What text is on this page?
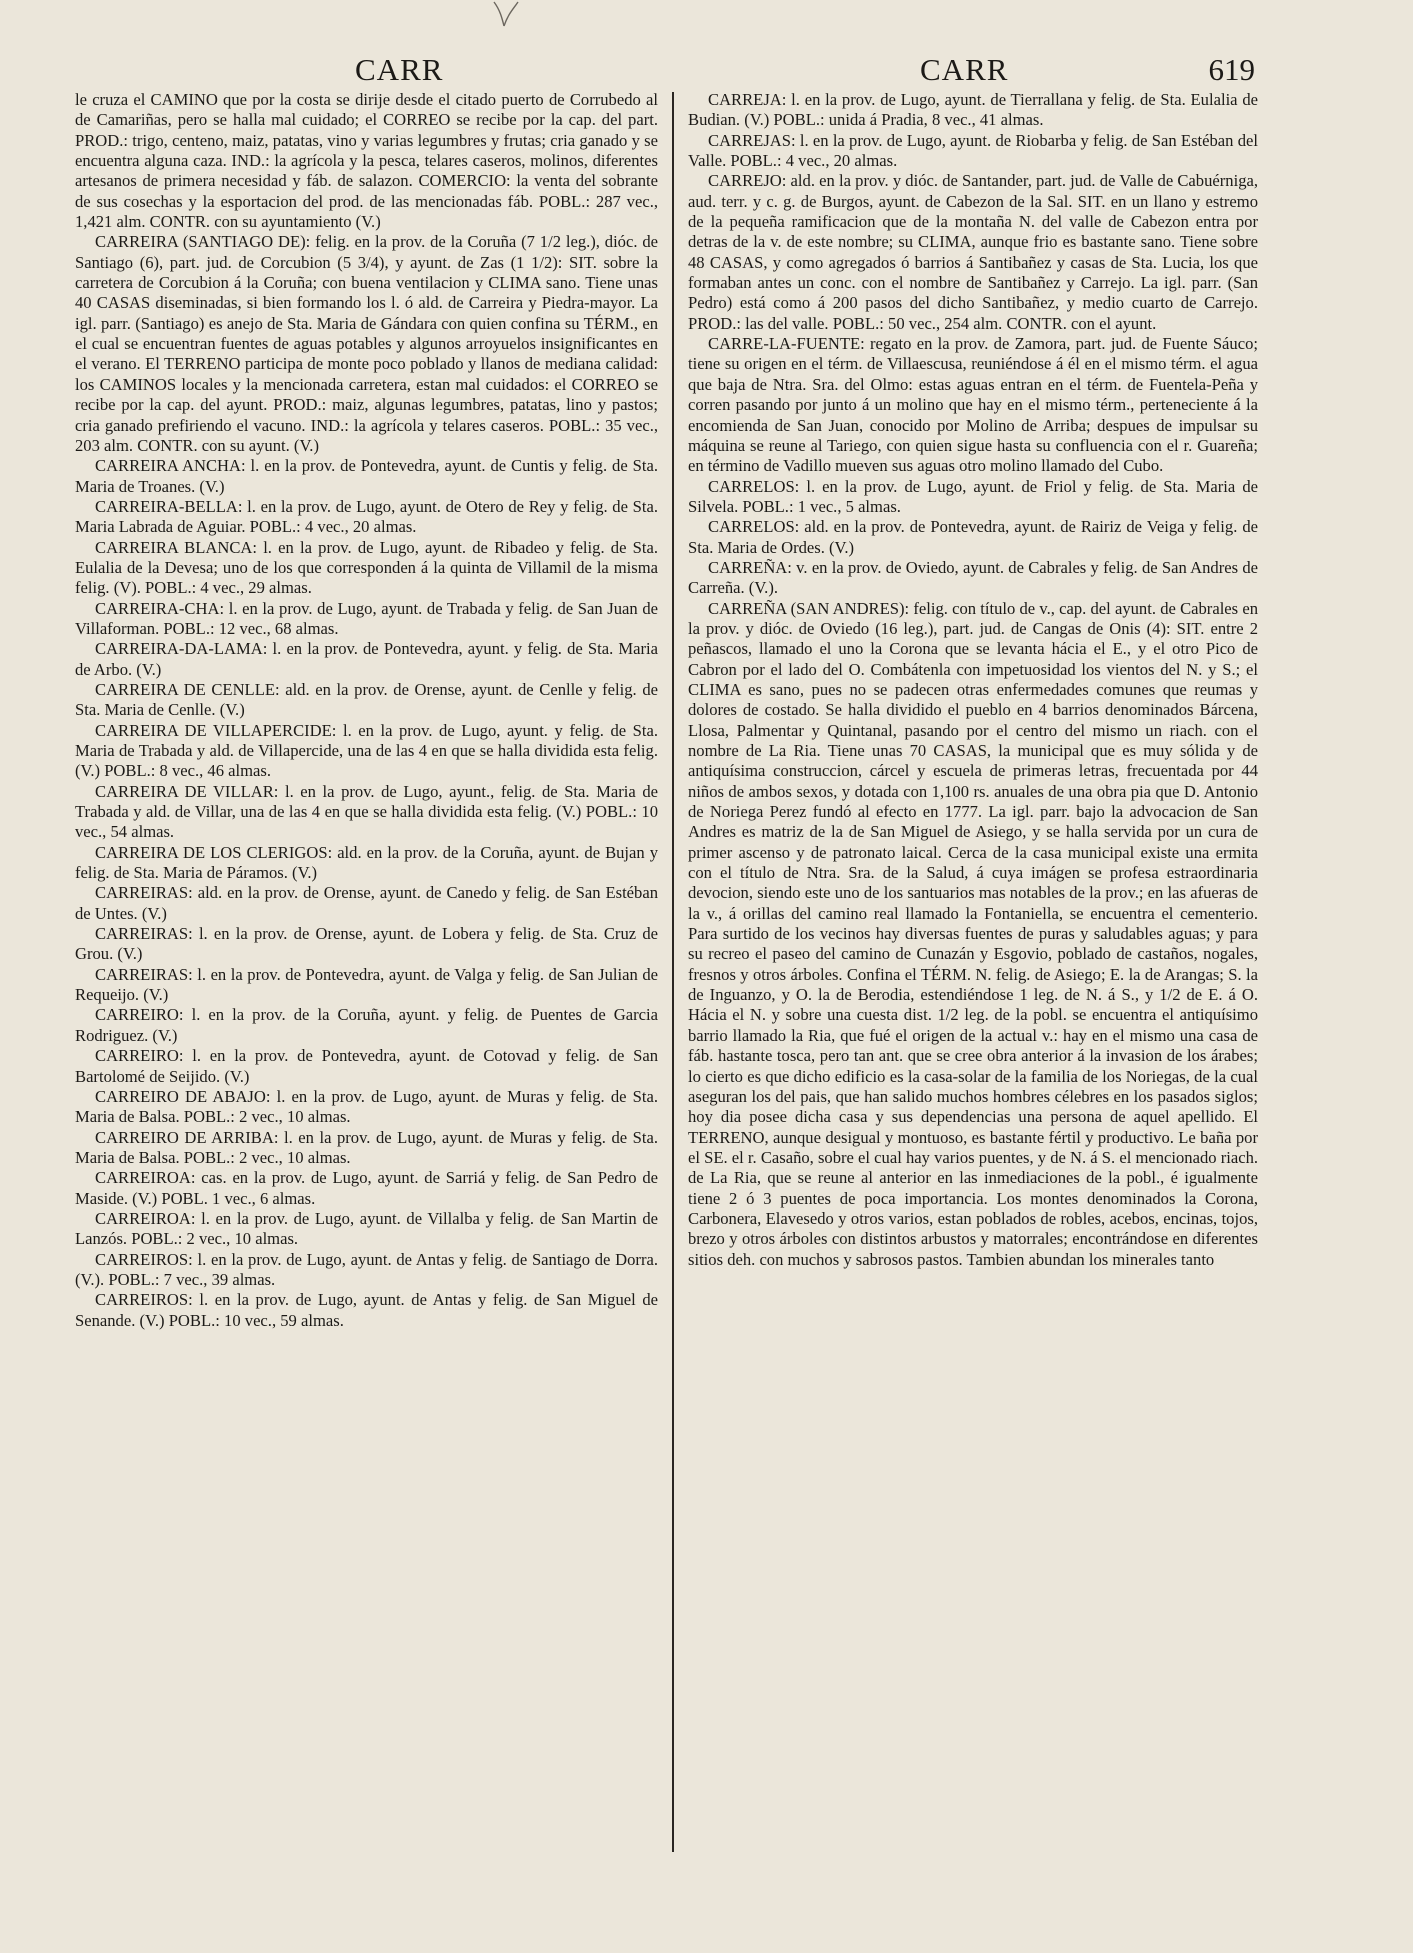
CARR	CARR	619

le cruza el CAMINO que por la costa se dirije desde el citado puerto de Corrubedo al de Camariñas, pero se halla mal cuidado; el CORREO se recibe por la cap. del part. PROD.: trigo, centeno, maiz, patatas, vino y varias legumbres y frutas; cria ganado y se encuentra alguna caza. IND.: la agrícola y la pesca, telares caseros, molinos, diferentes artesanos de primera necesidad y fáb. de salazon. COMERCIO: la venta del sobrante de sus cosechas y la esportacion del prod. de las mencionadas fáb. POBL.: 287 vec., 1,421 alm. CONTR. con su ayuntamiento (V.)

CARREIRA (SANTIAGO DE): felig. en la prov. de la Coruña (7 1/2 leg.), dióc. de Santiago (6), part. jud. de Corcubion (5 3/4), y ayunt. de Zas (1 1/2): SIT. sobre la carretera de Corcubion á la Coruña; con buena ventilacion y CLIMA sano. Tiene unas 40 CASAS diseminadas, si bien formando los l. ó ald. de Carreira y Piedra-mayor. La igl. parr. (Santiago) es anejo de Sta. Maria de Gándara con quien confina su TÉRM., en el cual se encuentran fuentes de aguas potables y algunos arroyuelos insignificantes en el verano. El TERRENO participa de monte poco poblado y llanos de mediana calidad: los CAMINOS locales y la mencionada carretera, estan mal cuidados: el CORREO se recibe por la cap. del ayunt. PROD.: maiz, algunas legumbres, patatas, lino y pastos; cria ganado prefiriendo el vacuno. IND.: la agrícola y telares caseros. POBL.: 35 vec., 203 alm. CONTR. con su ayunt. (V.)

CARREIRA ANCHA: l. en la prov. de Pontevedra, ayunt. de Cuntis y felig. de Sta. Maria de Troanes. (V.)

CARREIRA-BELLA: l. en la prov. de Lugo, ayunt. de Otero de Rey y felig. de Sta. Maria Labrada de Aguiar. POBL.: 4 vec., 20 almas.

CARREIRA BLANCA: l. en la prov. de Lugo, ayunt. de Ribadeo y felig. de Sta. Eulalia de la Devesa; uno de los que corresponden á la quinta de Villamil de la misma felig. (V). POBL.: 4 vec., 29 almas.

CARREIRA-CHA: l. en la prov. de Lugo, ayunt. de Trabada y felig. de San Juan de Villaforman. POBL.: 12 vec., 68 almas.

CARREIRA-DA-LAMA: l. en la prov. de Pontevedra, ayunt. y felig. de Sta. Maria de Arbo. (V.)

CARREIRA DE CENLLE: ald. en la prov. de Orense, ayunt. de Cenlle y felig. de Sta. Maria de Cenlle. (V.)

CARREIRA DE VILLAPERCIDE: l. en la prov. de Lugo, ayunt. y felig. de Sta. Maria de Trabada y ald. de Villapercide, una de las 4 en que se halla dividida esta felig. (V.) POBL.: 8 vec., 46 almas.

CARREIRA DE VILLAR: l. en la prov. de Lugo, ayunt., felig. de Sta. Maria de Trabada y ald. de Villar, una de las 4 en que se halla dividida esta felig. (V.) POBL.: 10 vec., 54 almas.

CARREIRA DE LOS CLERIGOS: ald. en la prov. de la Coruña, ayunt. de Bujan y felig. de Sta. Maria de Páramos. (V.)

CARREIRAS: ald. en la prov. de Orense, ayunt. de Canedo y felig. de San Estéban de Untes. (V.)

CARREIRAS: l. en la prov. de Orense, ayunt. de Lobera y felig. de Sta. Cruz de Grou. (V.)

CARREIRAS: l. en la prov. de Pontevedra, ayunt. de Valga y felig. de San Julian de Requeijo. (V.)

CARREIRO: l. en la prov. de la Coruña, ayunt. y felig. de Puentes de Garcia Rodriguez. (V.)

CARREIRO: l. en la prov. de Pontevedra, ayunt. de Cotovad y felig. de San Bartolomé de Seijido. (V.)

CARREIRO DE ABAJO: l. en la prov. de Lugo, ayunt. de Muras y felig. de Sta. Maria de Balsa. POBL.: 2 vec., 10 almas.

CARREIRO DE ARRIBA: l. en la prov. de Lugo, ayunt. de Muras y felig. de Sta. Maria de Balsa. POBL.: 2 vec., 10 almas.

CARREIROA: cas. en la prov. de Lugo, ayunt. de Sarriá y felig. de San Pedro de Maside. (V.) POBL. 1 vec., 6 almas.

CARREIROA: l. en la prov. de Lugo, ayunt. de Villalba y felig. de San Martin de Lanzós. POBL.: 2 vec., 10 almas.

CARREIROS: l. en la prov. de Lugo, ayunt. de Antas y felig. de Santiago de Dorra. (V.). POBL.: 7 vec., 39 almas.

CARREIROS: l. en la prov. de Lugo, ayunt. de Antas y felig. de San Miguel de Senande. (V.) POBL.: 10 vec., 59 almas.

CARREJA: l. en la prov. de Lugo, ayunt. de Tierrallana y felig. de Sta. Eulalia de Budian. (V.) POBL.: unida á Pradia, 8 vec., 41 almas.

CARREJAS: l. en la prov. de Lugo, ayunt. de Riobarba y felig. de San Estéban del Valle. POBL.: 4 vec., 20 almas.

CARREJO: ald. en la prov. y dióc. de Santander, part. jud. de Valle de Cabuérniga, aud. terr. y c. g. de Burgos, ayunt. de Cabezon de la Sal. SIT. en un llano y estremo de la pequeña ramificacion que de la montaña N. del valle de Cabezon entra por detras de la v. de este nombre; su CLIMA, aunque frio es bastante sano. Tiene sobre 48 CASAS, y como agregados ó barrios á Santibañez y casas de Sta. Lucia, los que formaban antes un conc. con el nombre de Santibañez y Carrejo. La igl. parr. (San Pedro) está como á 200 pasos del dicho Santibañez, y medio cuarto de Carrejo. PROD.: las del valle. POBL.: 50 vec., 254 alm. CONTR. con el ayunt.

CARRE-LA-FUENTE: regato en la prov. de Zamora, part. jud. de Fuente Sáuco; tiene su origen en el térm. de Villaescusa, reuniéndose á él en el mismo térm. el agua que baja de Ntra. Sra. del Olmo: estas aguas entran en el térm. de Fuentela-Peña y corren pasando por junto á un molino que hay en el mismo térm., perteneciente á la encomienda de San Juan, conocido por Molino de Arriba; despues de impulsar su máquina se reune al Tariego, con quien sigue hasta su confluencia con el r. Guareña; en término de Vadillo mueven sus aguas otro molino llamado del Cubo.

CARRELOS: l. en la prov. de Lugo, ayunt. de Friol y felig. de Sta. Maria de Silvela. POBL.: 1 vec., 5 almas.

CARRELOS: ald. en la prov. de Pontevedra, ayunt. de Rairiz de Veiga y felig. de Sta. Maria de Ordes. (V.)

CARREÑA: v. en la prov. de Oviedo, ayunt. de Cabrales y felig. de San Andres de Carreña. (V.).

CARREÑA (SAN ANDRES): felig. con título de v., cap. del ayunt. de Cabrales en la prov. y dióc. de Oviedo (16 leg.), part. jud. de Cangas de Onis (4): SIT. entre 2 peñascos, llamado el uno la Corona que se levanta hácia el E., y el otro Pico de Cabron por el lado del O. Combátenla con impetuosidad los vientos del N. y S.; el CLIMA es sano, pues no se padecen otras enfermedades comunes que reumas y dolores de costado. Se halla dividido el pueblo en 4 barrios denominados Bárcena, Llosa, Palmentar y Quintanal, pasando por el centro del mismo un riach. con el nombre de La Ria. Tiene unas 70 CASAS, la municipal que es muy sólida y de antiquísima construccion, cárcel y escuela de primeras letras, frecuentada por 44 niños de ambos sexos, y dotada con 1,100 rs. anuales de una obra pia que D. Antonio de Noriega Perez fundó al efecto en 1777. La igl. parr. bajo la advocacion de San Andres es matriz de la de San Miguel de Asiego, y se halla servida por un cura de primer ascenso y de patronato laical. Cerca de la casa municipal existe una ermita con el título de Ntra. Sra. de la Salud, á cuya imágen se profesa estraordinaria devocion, siendo este uno de los santuarios mas notables de la prov.; en las afueras de la v., á orillas del camino real llamado la Fontaniella, se encuentra el cementerio. Para surtido de los vecinos hay diversas fuentes de puras y saludables aguas; y para su recreo el paseo del camino de Cunazán y Esgovio, poblado de castaños, nogales, fresnos y otros árboles. Confina el TÉRM. N. felig. de Asiego; E. la de Arangas; S. la de Inguanzo, y O. la de Berodia, estendiéndose 1 leg. de N. á S., y 1/2 de E. á O. Hácia el N. y sobre una cuesta dist. 1/2 leg. de la pobl. se encuentra el antiquísimo barrio llamado la Ria, que fué el origen de la actual v.: hay en el mismo una casa de fáb. hastante tosca, pero tan ant. que se cree obra anterior á la invasion de los árabes; lo cierto es que dicho edificio es la casa-solar de la familia de los Noriegas, de la cual aseguran los del pais, que han salido muchos hombres célebres en los pasados siglos; hoy dia posee dicha casa y sus dependencias una persona de aquel apellido. El TERRENO, aunque desigual y montuoso, es bastante fértil y productivo. Le baña por el SE. el r. Casaño, sobre el cual hay varios puentes, y de N. á S. el mencionado riach. de La Ria, que se reune al anterior en las inmediaciones de la pobl., é igualmente tiene 2 ó 3 puentes de poca importancia. Los montes denominados la Corona, Carbonera, Elavesedo y otros varios, estan poblados de robles, acebos, encinas, tojos, brezo y otros árboles con distintos arbustos y matorrales; encontrándose en diferentes sitios deh. con muchos y sabrosos pastos. Tambien abundan los minerales tanto
